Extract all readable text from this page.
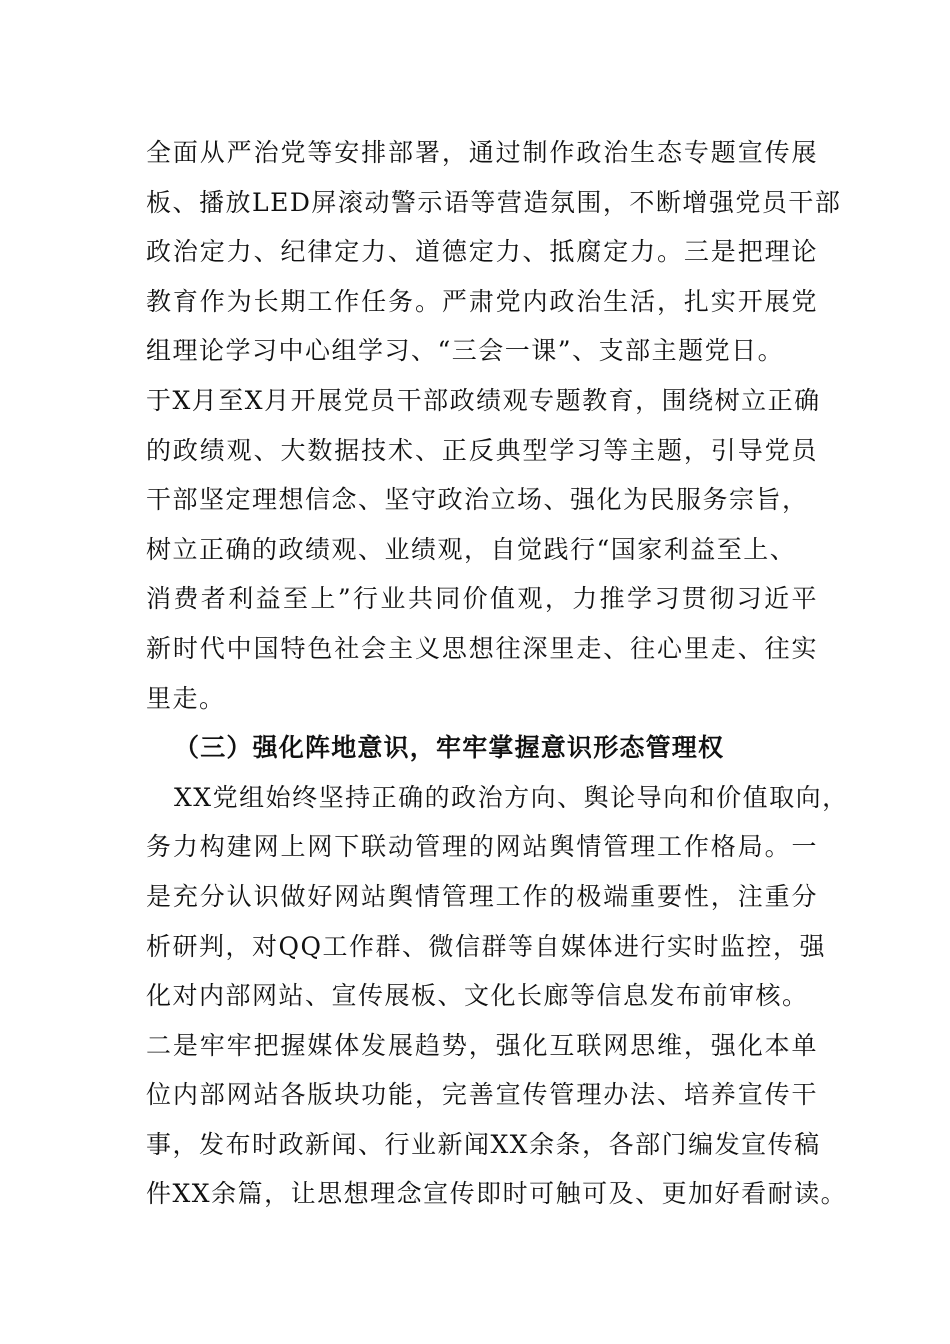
全面从严治党等安排部署，通过制作政治生态专题宣传展
板、播放LED屏滚动警示语等营造氛围，不断增强党员干部
政治定力、纪律定力、道德定力、抵腐定力。三是把理论
教育作为长期工作任务。严肃党内政治生活，扎实开展党
组理论学习中心组学习、“三会一课”、支部主题党日。
于X月至X月开展党员干部政绩观专题教育，围绕树立正确
的政绩观、大数据技术、正反典型学习等主题，引导党员
干部坚定理想信念、坚守政治立场、强化为民服务宗旨，
树立正确的政绩观、业绩观，自觉践行“国家利益至上、
消费者利益至上”行业共同价值观，力推学习贯彻习近平
新时代中国特色社会主义思想往深里走、往心里走、往实
里走。
（三）强化阵地意识，牢牢掌握意识形态管理权
XX党组始终坚持正确的政治方向、舆论导向和价值取向，
务力构建网上网下联动管理的网站舆情管理工作格局。一
是充分认识做好网站舆情管理工作的极端重要性，注重分
析研判，对QQ工作群、微信群等自媒体进行实时监控，强
化对内部网站、宣传展板、文化长廊等信息发布前审核。
二是牢牢把握媒体发展趋势，强化互联网思维，强化本单
位内部网站各版块功能，完善宣传管理办法、培养宣传干
事，发布时政新闻、行业新闻XX余条，各部门编发宣传稿
件XX余篇，让思想理念宣传即时可触可及、更加好看耐读。
